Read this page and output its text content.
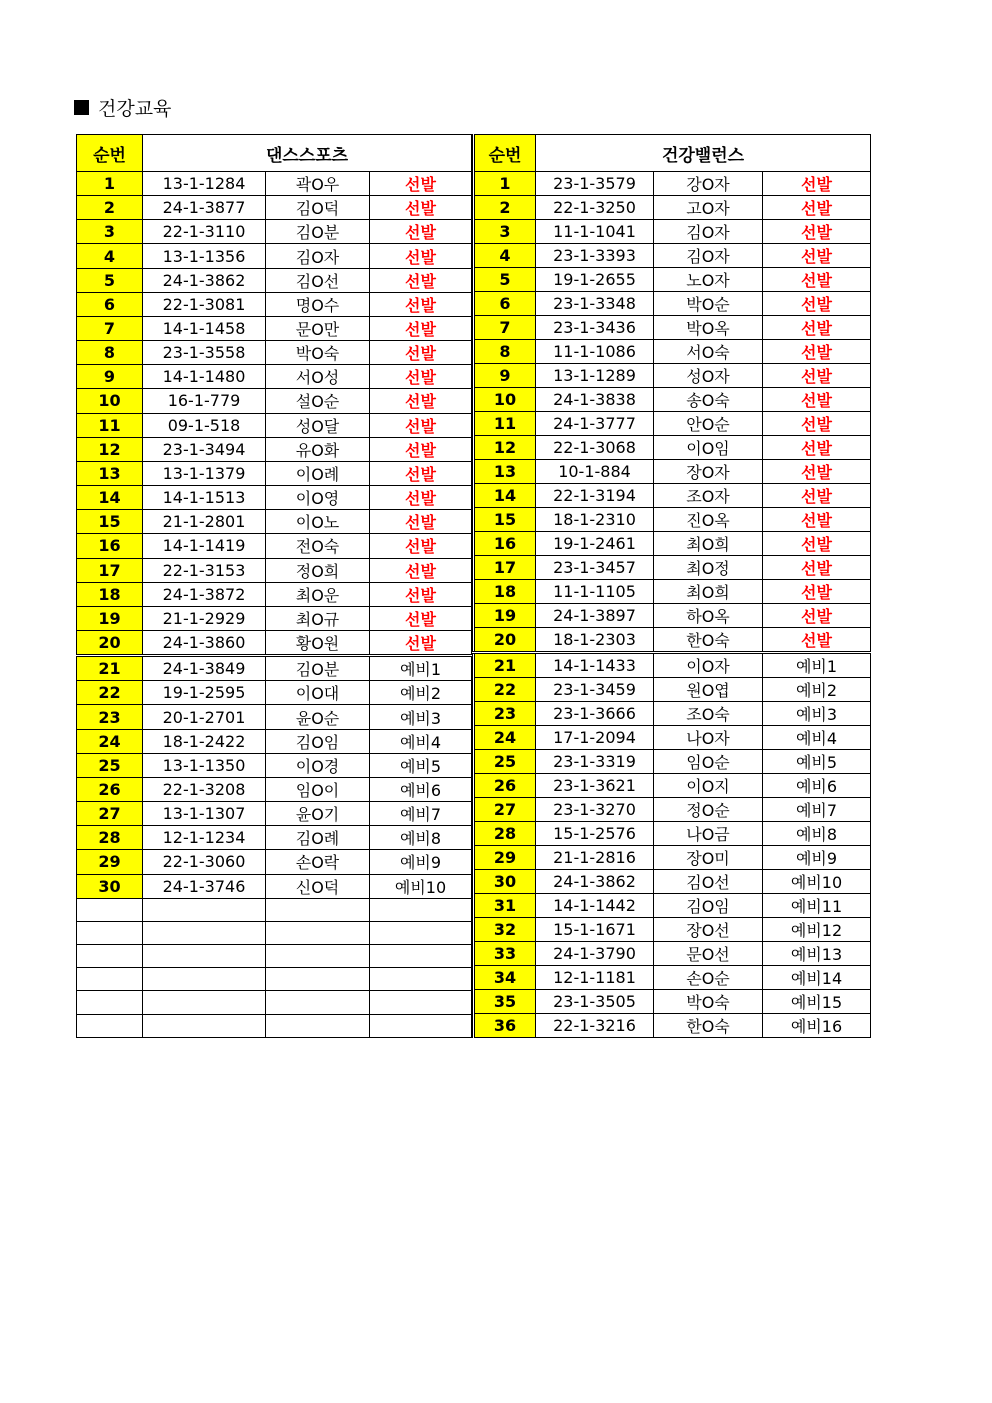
건강교육
순번	댄스스포츠		
1	13-1-1284	곽O우	선발
2	24-1-3877	김O덕	선발
3	22-1-3110	김O분	선발
4	13-1-1356	김O자	선발
5	24-1-3862	김O선	선발
6	22-1-3081	명O수	선발
7	14-1-1458	문O만	선발
8	23-1-3558	박O숙	선발
9	14-1-1480	서O성	선발
10	16-1-779	설O순	선발
11	09-1-518	성O달	선발
12	23-1-3494	유O화	선발
13	13-1-1379	이O례	선발
14	14-1-1513	이O영	선발
15	21-1-2801	이O노	선발
16	14-1-1419	전O숙	선발
17	22-1-3153	정O희	선발
18	24-1-3872	최O운	선발
19	21-1-2929	최O규	선발
20	24-1-3860	황O원	선발
21	24-1-3849	김O분	예비1
22	19-1-2595	이O대	예비2
23	20-1-2701	윤O순	예비3
24	18-1-2422	김O임	예비4
25	13-1-1350	이O경	예비5
26	22-1-3208	임O이	예비6
27	13-1-1307	윤O기	예비7
28	12-1-1234	김O례	예비8
29	22-1-3060	손O락	예비9
30	24-1-3746	신O덕	예비10

순번	건강밸런스		
1	23-1-3579	강O자	선발
2	22-1-3250	고O자	선발
3	11-1-1041	김O자	선발
4	23-1-3393	김O자	선발
5	19-1-2655	노O자	선발
6	23-1-3348	박O순	선발
7	23-1-3436	박O옥	선발
8	11-1-1086	서O숙	선발
9	13-1-1289	성O자	선발
10	24-1-3838	송O숙	선발
11	24-1-3777	안O순	선발
12	22-1-3068	이O임	선발
13	10-1-884	장O자	선발
14	22-1-3194	조O자	선발
15	18-1-2310	진O옥	선발
16	19-1-2461	최O희	선발
17	23-1-3457	최O정	선발
18	11-1-1105	최O희	선발
19	24-1-3897	하O옥	선발
20	18-1-2303	한O숙	선발
21	14-1-1433	이O자	예비1
22	23-1-3459	원O엽	예비2
23	23-1-3666	조O숙	예비3
24	17-1-2094	나O자	예비4
25	23-1-3319	임O순	예비5
26	23-1-3621	이O지	예비6
27	23-1-3270	정O순	예비7
28	15-1-2576	나O금	예비8
29	21-1-2816	장O미	예비9
30	24-1-3862	김O선	예비10
31	14-1-1442	김O임	예비11
32	15-1-1671	장O선	예비12
33	24-1-3790	문O선	예비13
34	12-1-1181	손O순	예비14
35	23-1-3505	박O숙	예비15
36	22-1-3216	한O숙	예비16
